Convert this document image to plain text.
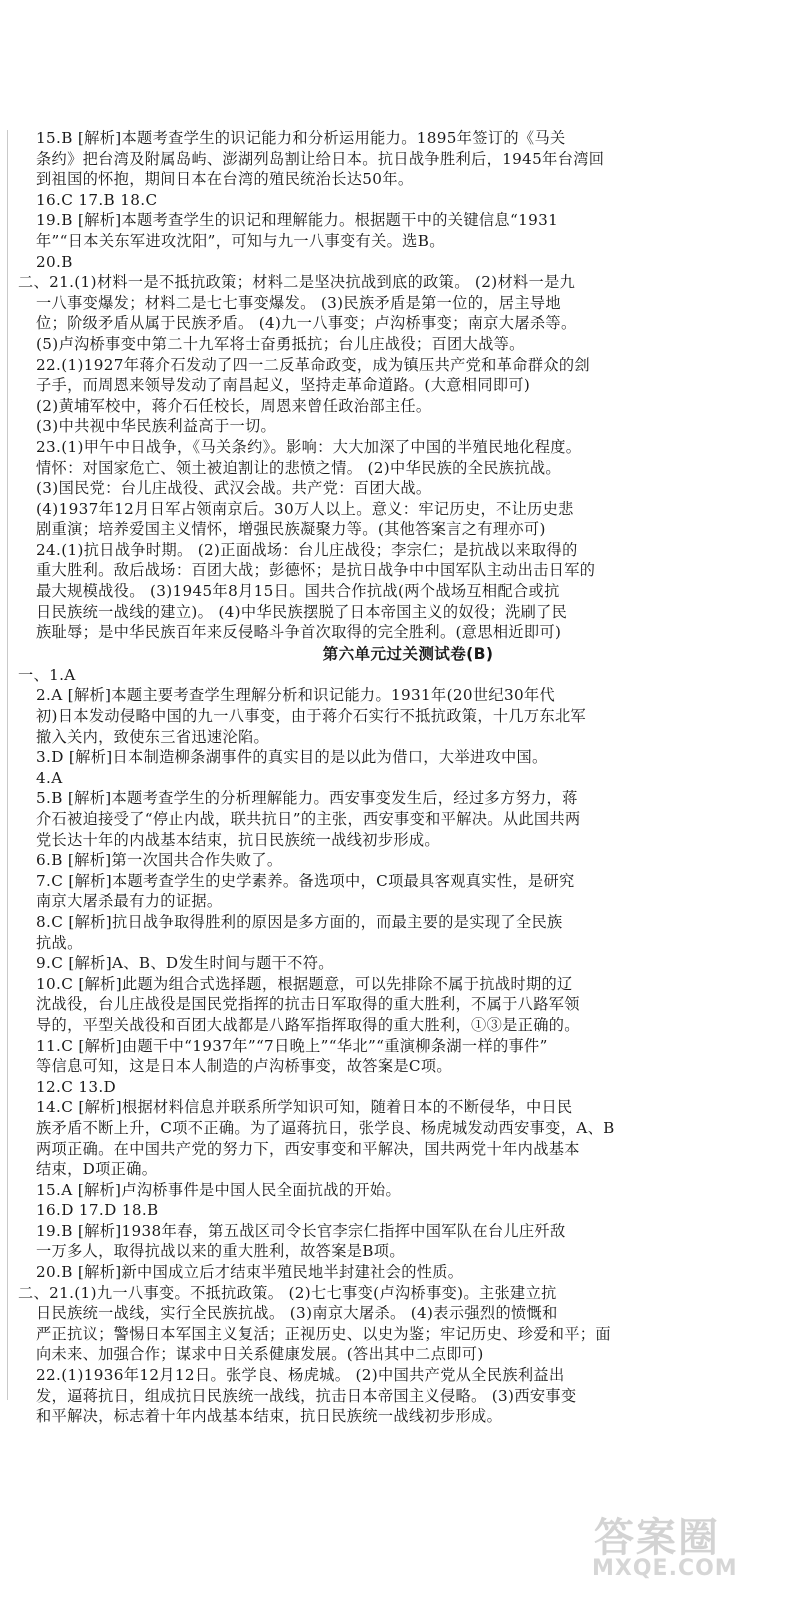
15.B [解析]本题考查学生的识记能力和分析运用能力。1895年签订的《马关
条约》把台湾及附属岛屿、澎湖列岛割让给日本。抗日战争胜利后，1945年台湾回
到祖国的怀抱，期间日本在台湾的殖民统治长达50年。
16.C 17.B 18.C
19.B [解析]本题考查学生的识记和理解能力。根据题干中的关键信息“1931
年”“日本关东军进攻沈阳”，可知与九一八事变有关。选B。
20.B
二、21.(1)材料一是不抵抗政策；材料二是坚决抗战到底的政策。 (2)材料一是九
一八事变爆发；材料二是七七事变爆发。 (3)民族矛盾是第一位的，居主导地
位；阶级矛盾从属于民族矛盾。 (4)九一八事变；卢沟桥事变；南京大屠杀等。
(5)卢沟桥事变中第二十九军将士奋勇抵抗；台儿庄战役；百团大战等。
22.(1)1927年蒋介石发动了四一二反革命政变，成为镇压共产党和革命群众的刽
子手，而周恩来领导发动了南昌起义，坚持走革命道路。(大意相同即可)
(2)黄埔军校中，蒋介石任校长，周恩来曾任政治部主任。
(3)中共视中华民族利益高于一切。
23.(1)甲午中日战争，《马关条约》。影响：大大加深了中国的半殖民地化程度。
情怀：对国家危亡、领土被迫割让的悲愤之情。 (2)中华民族的全民族抗战。
(3)国民党：台儿庄战役、武汉会战。共产党：百团大战。
(4)1937年12月日军占领南京后。30万人以上。意义：牢记历史，不让历史悲
剧重演；培养爱国主义情怀，增强民族凝聚力等。(其他答案言之有理亦可)
24.(1)抗日战争时期。 (2)正面战场：台儿庄战役；李宗仁；是抗战以来取得的
重大胜利。敌后战场：百团大战；彭德怀；是抗日战争中中国军队主动出击日军的
最大规模战役。 (3)1945年8月15日。国共合作抗战(两个战场互相配合或抗
日民族统一战线的建立)。 (4)中华民族摆脱了日本帝国主义的奴役；洗刷了民
族耻辱；是中华民族百年来反侵略斗争首次取得的完全胜利。(意思相近即可)
第六单元过关测试卷(B)
一、1.A
2.A [解析]本题主要考查学生理解分析和识记能力。1931年(20世纪30年代
初)日本发动侵略中国的九一八事变，由于蒋介石实行不抵抗政策，十几万东北军
撤入关内，致使东三省迅速沦陷。
3.D [解析]日本制造柳条湖事件的真实目的是以此为借口，大举进攻中国。
4.A
5.B [解析]本题考查学生的分析理解能力。西安事变发生后，经过多方努力，蒋
介石被迫接受了“停止内战，联共抗日”的主张，西安事变和平解决。从此国共两
党长达十年的内战基本结束，抗日民族统一战线初步形成。
6.B [解析]第一次国共合作失败了。
7.C [解析]本题考查学生的史学素养。备选项中，C项最具客观真实性，是研究
南京大屠杀最有力的证据。
8.C [解析]抗日战争取得胜利的原因是多方面的，而最主要的是实现了全民族
抗战。
9.C [解析]A、B、D发生时间与题干不符。
10.C [解析]此题为组合式选择题，根据题意，可以先排除不属于抗战时期的辽
沈战役，台儿庄战役是国民党指挥的抗击日军取得的重大胜利，不属于八路军领
导的，平型关战役和百团大战都是八路军指挥取得的重大胜利，①③是正确的。
11.C [解析]由题干中“1937年”“7日晚上”“华北”“重演柳条湖一样的事件”
等信息可知，这是日本人制造的卢沟桥事变，故答案是C项。
12.C 13.D
14.C [解析]根据材料信息并联系所学知识可知，随着日本的不断侵华，中日民
族矛盾不断上升，C项不正确。为了逼蒋抗日，张学良、杨虎城发动西安事变，A、B
两项正确。在中国共产党的努力下，西安事变和平解决，国共两党十年内战基本
结束，D项正确。
15.A [解析]卢沟桥事件是中国人民全面抗战的开始。
16.D 17.D 18.B
19.B [解析]1938年春，第五战区司令长官李宗仁指挥中国军队在台儿庄歼敌
一万多人，取得抗战以来的重大胜利，故答案是B项。
20.B [解析]新中国成立后才结束半殖民地半封建社会的性质。
二、21.(1)九一八事变。不抵抗政策。 (2)七七事变(卢沟桥事变)。主张建立抗
日民族统一战线，实行全民族抗战。 (3)南京大屠杀。 (4)表示强烈的愤慨和
严正抗议；警惕日本军国主义复活；正视历史、以史为鉴；牢记历史、珍爱和平；面
向未来、加强合作；谋求中日关系健康发展。(答出其中二点即可)
22.(1)1936年12月12日。张学良、杨虎城。 (2)中国共产党从全民族利益出
发，逼蒋抗日，组成抗日民族统一战线，抗击日本帝国主义侵略。 (3)西安事变
和平解决，标志着十年内战基本结束，抗日民族统一战线初步形成。
答案圈
MXQE.COM
